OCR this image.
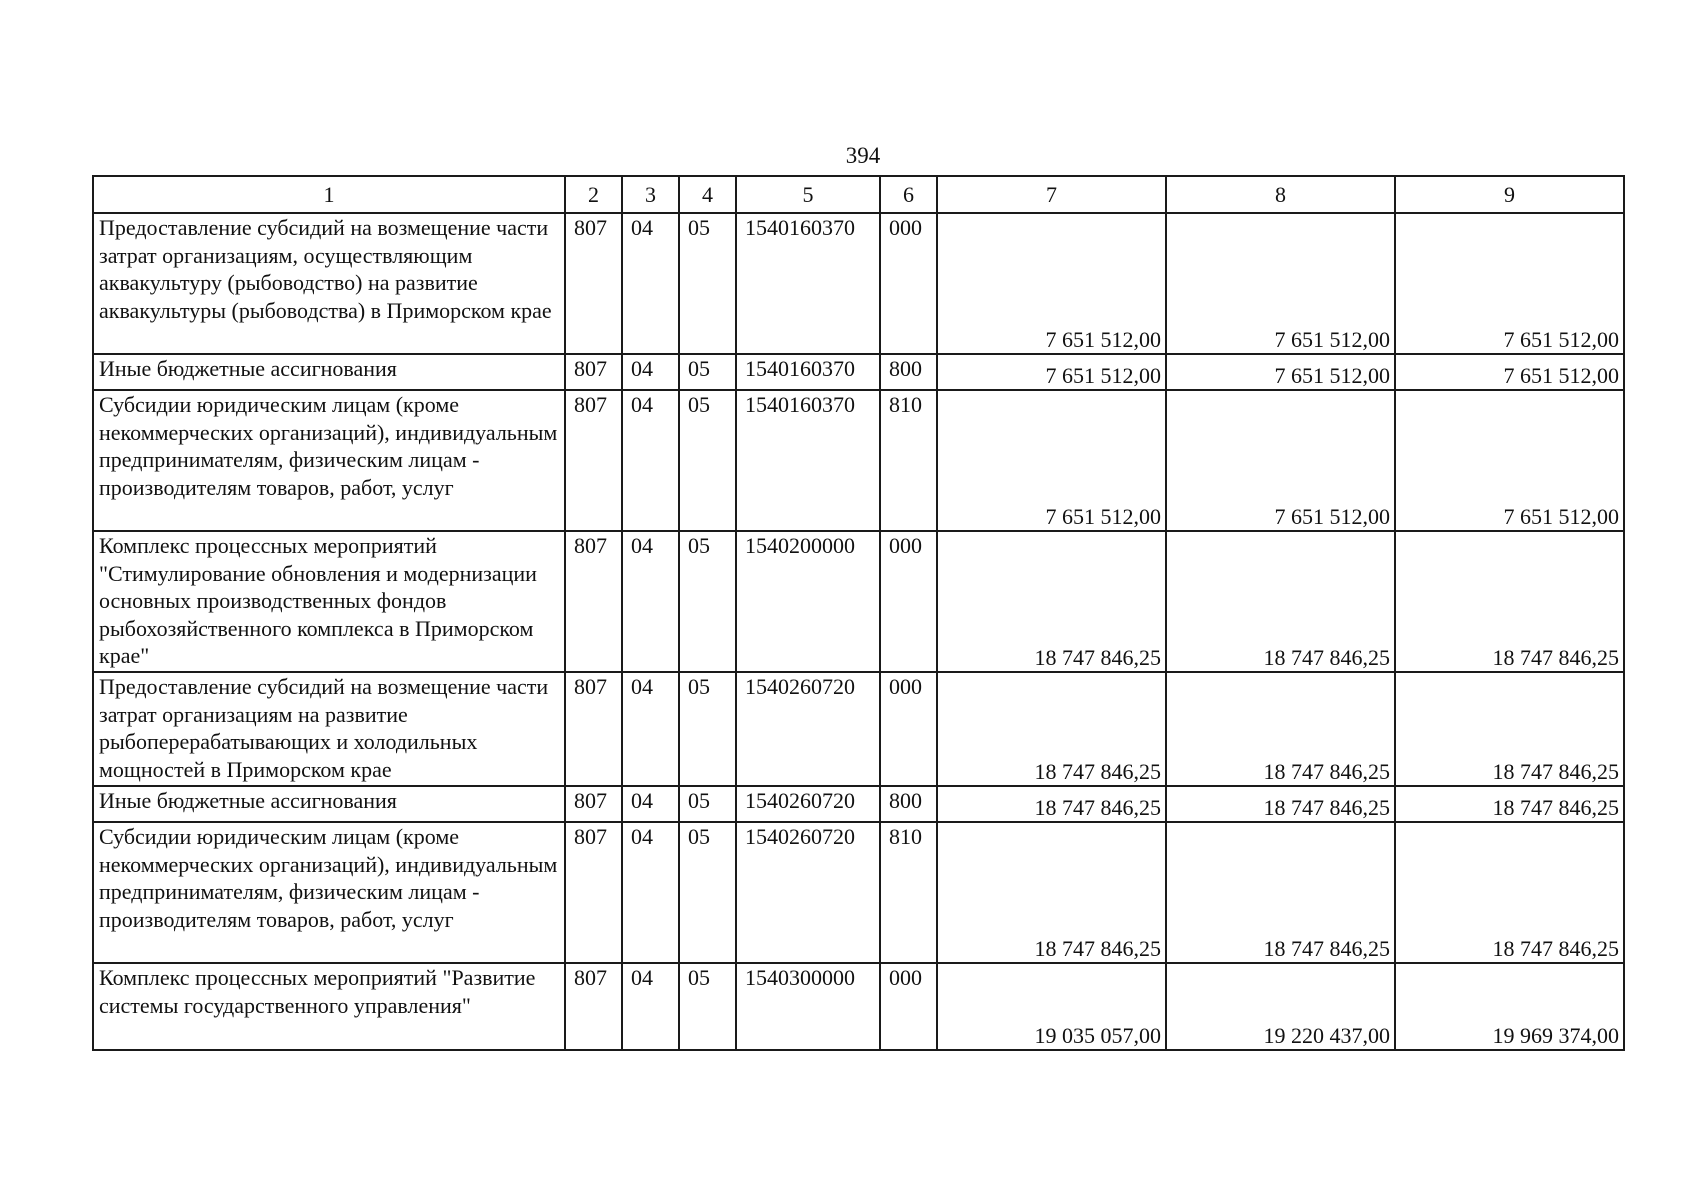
394
1	2	3	4	5	6	7	8	9
Предоставление субсидий на возмещение части затрат организациям, осуществляющим аквакультуру (рыбоводство) на развитие аквакультуры (рыбоводства) в Приморском крае	807	04	05	1540160370	000	7 651 512,00	7 651 512,00	7 651 512,00
Иные бюджетные ассигнования	807	04	05	1540160370	800	7 651 512,00	7 651 512,00	7 651 512,00
Субсидии юридическим лицам (кроме некоммерческих организаций), индивидуальным предпринимателям, физическим лицам - производителям товаров, работ, услуг	807	04	05	1540160370	810	7 651 512,00	7 651 512,00	7 651 512,00
Комплекс процессных мероприятий "Стимулирование обновления и модернизации основных производственных фондов рыбохозяйственного комплекса в Приморском крае"	807	04	05	1540200000	000	18 747 846,25	18 747 846,25	18 747 846,25
Предоставление субсидий на возмещение части затрат организациям на развитие рыбоперерабатывающих и холодильных мощностей в Приморском крае	807	04	05	1540260720	000	18 747 846,25	18 747 846,25	18 747 846,25
Иные бюджетные ассигнования	807	04	05	1540260720	800	18 747 846,25	18 747 846,25	18 747 846,25
Субсидии юридическим лицам (кроме некоммерческих организаций), индивидуальным предпринимателям, физическим лицам - производителям товаров, работ, услуг	807	04	05	1540260720	810	18 747 846,25	18 747 846,25	18 747 846,25
Комплекс процессных мероприятий "Развитие системы государственного управления"	807	04	05	1540300000	000	19 035 057,00	19 220 437,00	19 969 374,00
